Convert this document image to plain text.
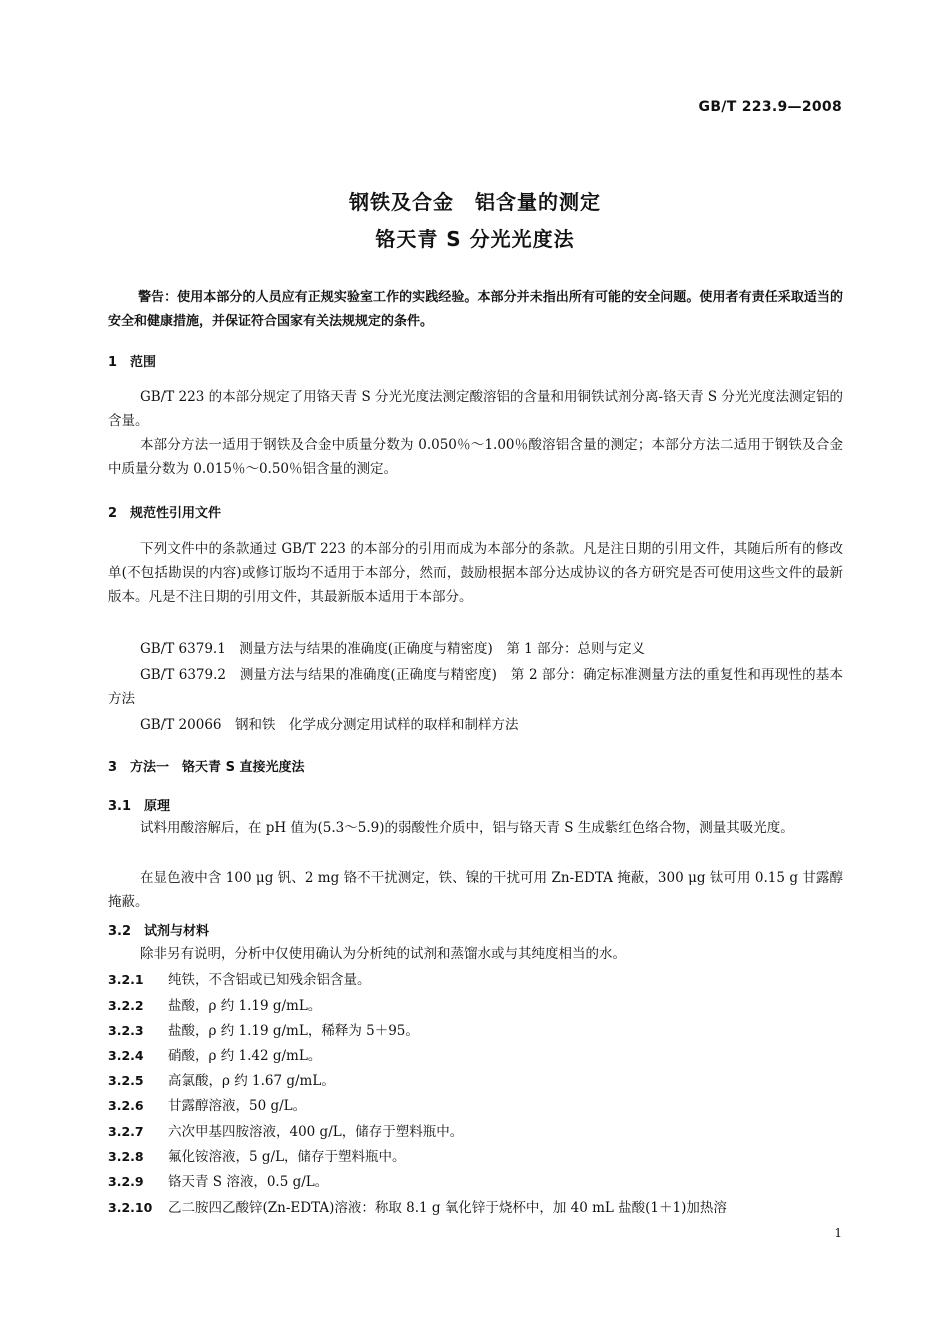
GB/T 223.9—2008
钢铁及合金　铝含量的测定
铬天青 S 分光光度法
警告：使用本部分的人员应有正规实验室工作的实践经验。本部分并未指出所有可能的安全问题。使用者有责任采取适当的安全和健康措施，并保证符合国家有关法规规定的条件。
1　范围
GB/T 223 的本部分规定了用铬天青 S 分光光度法测定酸溶铝的含量和用铜铁试剂分离-铬天青 S 分光光度法测定铝的含量。
本部分方法一适用于钢铁及合金中质量分数为 0.050％～1.00％酸溶铝含量的测定；本部分方法二适用于钢铁及合金中质量分数为 0.015％～0.50％铝含量的测定。
2　规范性引用文件
下列文件中的条款通过 GB/T 223 的本部分的引用而成为本部分的条款。凡是注日期的引用文件，其随后所有的修改单(不包括勘误的内容)或修订版均不适用于本部分，然而，鼓励根据本部分达成协议的各方研究是否可使用这些文件的最新版本。凡是不注日期的引用文件，其最新版本适用于本部分。
GB/T 6379.1　测量方法与结果的准确度(正确度与精密度)　第 1 部分：总则与定义
GB/T 6379.2　测量方法与结果的准确度(正确度与精密度)　第 2 部分：确定标准测量方法的重复性和再现性的基本方法
GB/T 20066　钢和铁　化学成分测定用试样的取样和制样方法
3　方法一　铬天青 S 直接光度法
3.1　原理
试料用酸溶解后，在 pH 值为(5.3～5.9)的弱酸性介质中，铝与铬天青 S 生成紫红色络合物，测量其吸光度。
在显色液中含 100 μg 钒、2 mg 铬不干扰测定，铁、镍的干扰可用 Zn-EDTA 掩蔽，300 μg 钛可用 0.15 g 甘露醇掩蔽。
3.2　试剂与材料
除非另有说明，分析中仅使用确认为分析纯的试剂和蒸馏水或与其纯度相当的水。
3.2.1 纯铁，不含铝或已知残余铝含量。
3.2.2 盐酸，ρ 约 1.19 g/mL。
3.2.3 盐酸，ρ 约 1.19 g/mL，稀释为 5＋95。
3.2.4 硝酸，ρ 约 1.42 g/mL。
3.2.5 高氯酸，ρ 约 1.67 g/mL。
3.2.6 甘露醇溶液，50 g/L。
3.2.7 六次甲基四胺溶液，400 g/L，储存于塑料瓶中。
3.2.8 氟化铵溶液，5 g/L，储存于塑料瓶中。
3.2.9 铬天青 S 溶液，0.5 g/L。
3.2.10 乙二胺四乙酸锌(Zn-EDTA)溶液：称取 8.1 g 氧化锌于烧杯中，加 40 mL 盐酸(1＋1)加热溶
1
